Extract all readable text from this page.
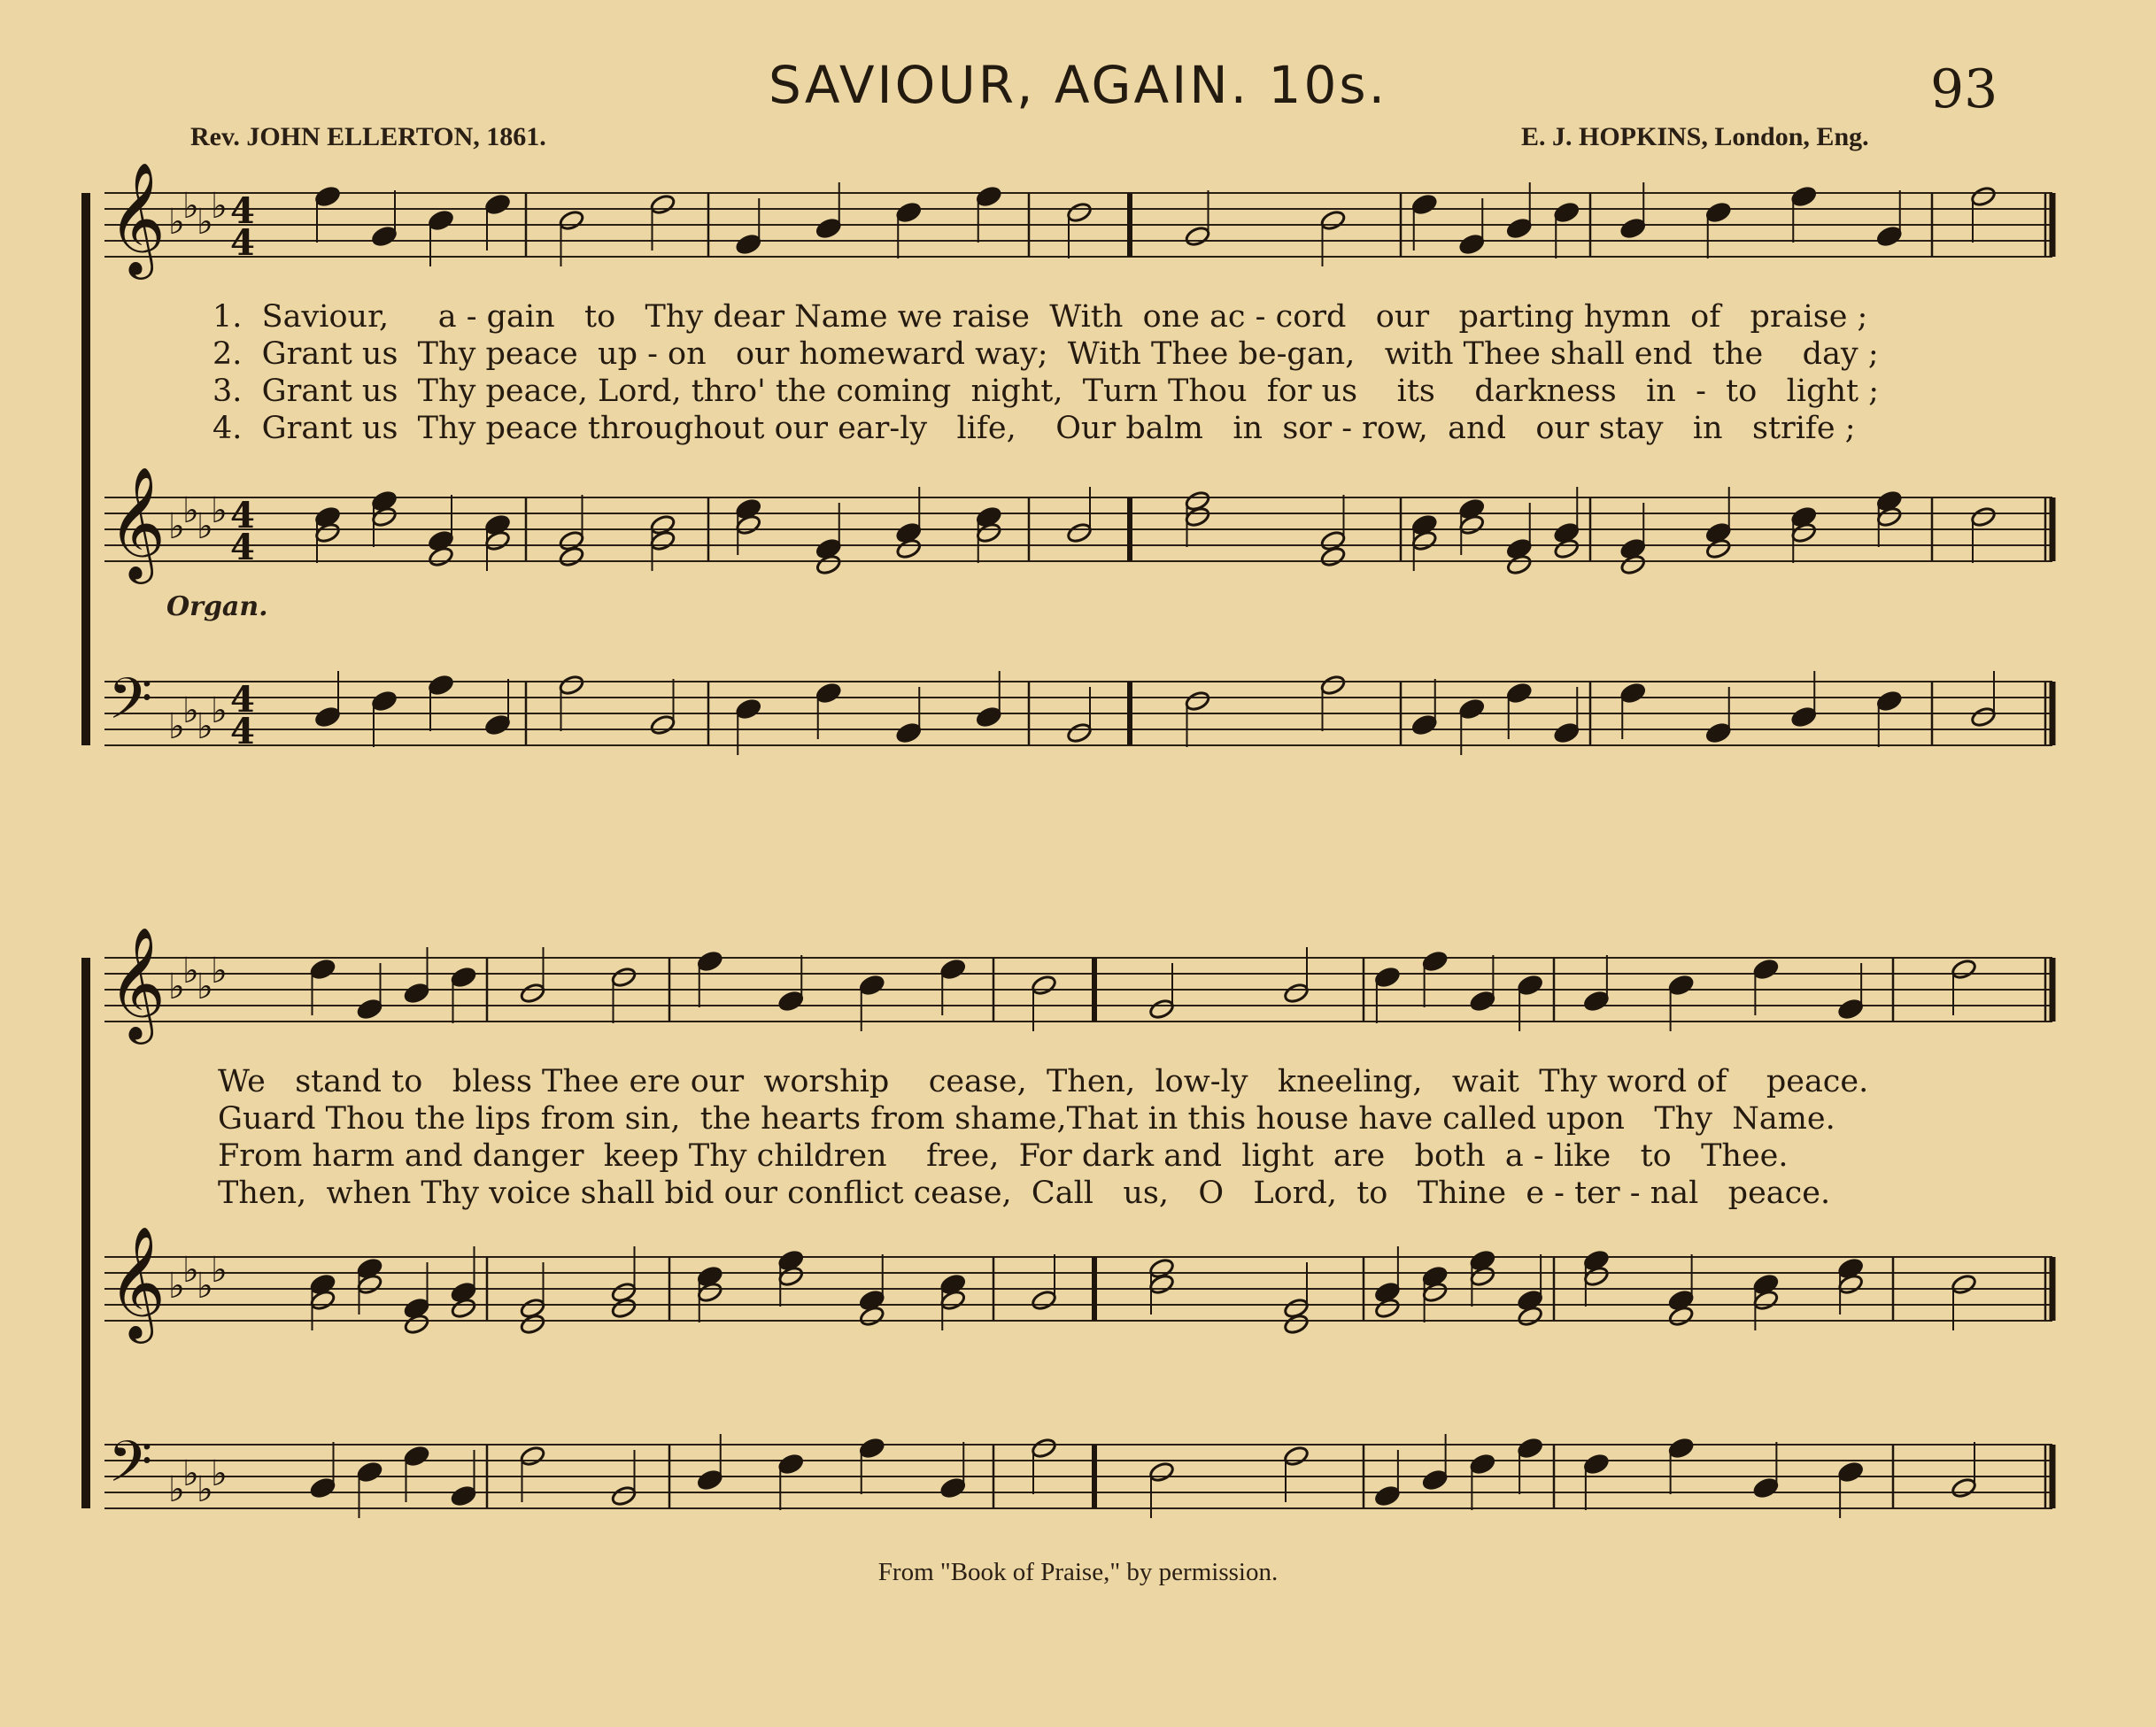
SAVIOUR, AGAIN. 10s.	93
Rev. JOHN ELLERTON, 1861.	E. J. HOPKINS, London, Eng.
𝄞 ♭
♭
♭
♭ 4
4
𝄞 ♭
♭
♭
♭ 4
4
𝄢 ♭
♭
♭
♭ 4
4
𝄞 ♭
♭
♭
♭
𝄞 ♭
♭
♭
♭
𝄢 ♭
♭
♭
♭
1.  Saviour,     a - gain   to   Thy dear Name we raise  With  one ac - cord   our   parting hymn  of   praise ;
2.  Grant us  Thy peace  up - on   our homeward way;  With Thee be-gan,   with Thee shall end  the    day ;
3.  Grant us  Thy peace, Lord, thro' the coming  night,  Turn Thou  for us    its    darkness   in  -  to   light ;
4.  Grant us  Thy peace throughout our ear-ly   life,    Our balm   in  sor - row,  and   our stay   in   strife ;
Organ.
We   stand to   bless Thee ere our  worship    cease,  Then,  low-ly   kneeling,   wait  Thy word of    peace.
Guard Thou the lips from sin,  the hearts from shame,That in this house have called upon   Thy  Name.
From harm and danger  keep Thy children    free,  For dark and  light  are   both  a - like   to   Thee.
Then,  when Thy voice shall bid our conflict cease,  Call   us,   O   Lord,  to   Thine  e - ter - nal   peace.
From "Book of Praise," by permission.
